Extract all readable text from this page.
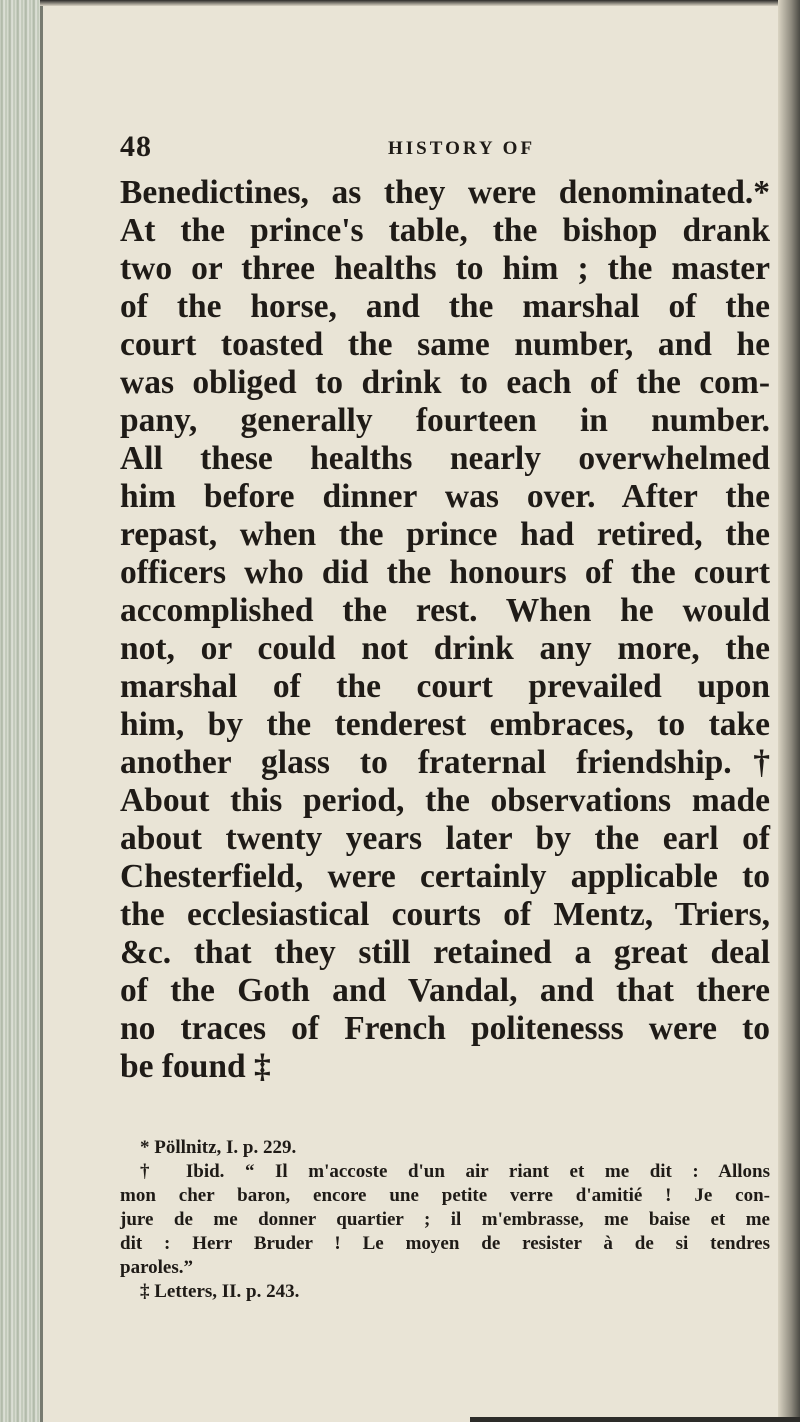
48	HISTORY OF
Benedictines, as they were denominated.*
At the prince's table, the bishop drank
two or three healths to him ; the master
of the horse, and the marshal of the
court toasted the same number, and he
was obliged to drink to each of the com-
pany, generally fourteen in number.
All these healths nearly overwhelmed
him before dinner was over. After the
repast, when the prince had retired, the
officers who did the honours of the court
accomplished the rest. When he would
not, or could not drink any more, the
marshal of the court prevailed upon
him, by the tenderest embraces, to take
another glass to fraternal friendship.†
About this period, the observations made
about twenty years later by the earl of
Chesterfield, were certainly applicable to
the ecclesiastical courts of Mentz, Triers,
&c. that they still retained a great deal
of the Goth and Vandal, and that there
no traces of French politenesss were to
be found ‡
* Pöllnitz, I. p. 229.
† Ibid. “ Il m'accoste d'un air riant et me dit : Allons
mon cher baron, encore une petite verre d'amitié ! Je con-
jure de me donner quartier ; il m'embrasse, me baise et me
dit : Herr Bruder ! Le moyen de resister à de si tendres
paroles.”
‡ Letters, II. p. 243.
